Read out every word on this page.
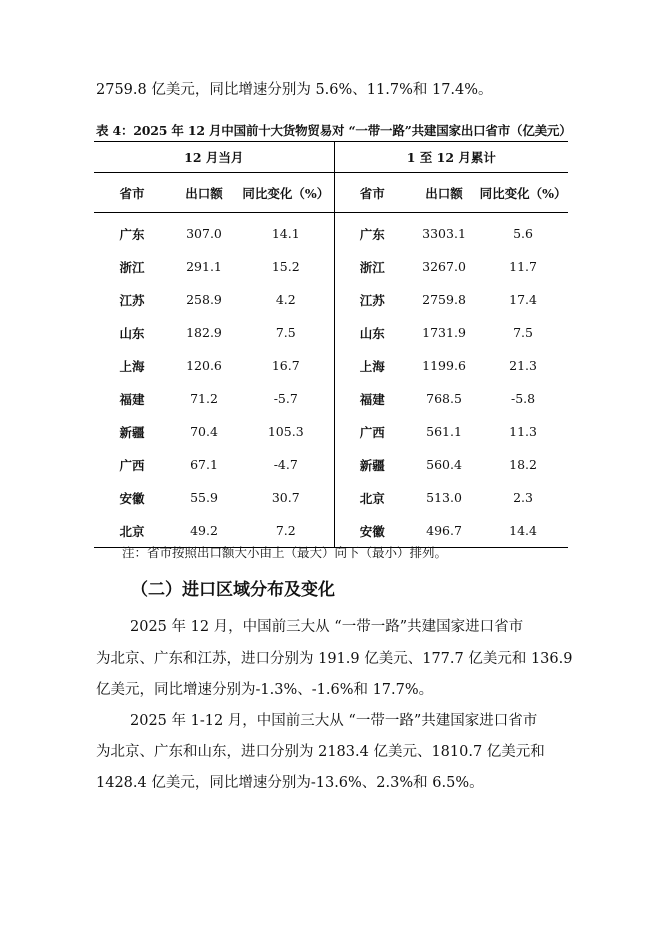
2759.8 亿美元，同比增速分别为 5.6%、11.7%和 17.4%。
表 4：2025 年 12 月中国前十大货物贸易对 “一带一路”共建国家出口省市（亿美元）
12 月当月			1 至 12 月累计		
省市	出口额	同比变化（%）	省市	出口额	同比变化（%）
广东	307.0	14.1	广东	3303.1	5.6
浙江	291.1	15.2	浙江	3267.0	11.7
江苏	258.9	4.2	江苏	2759.8	17.4
山东	182.9	7.5	山东	1731.9	7.5
上海	120.6	16.7	上海	1199.6	21.3
福建	71.2	-5.7	福建	768.5	-5.8
新疆	70.4	105.3	广西	561.1	11.3
广西	67.1	-4.7	新疆	560.4	18.2
安徽	55.9	30.7	北京	513.0	2.3
北京	49.2	7.2	安徽	496.7	14.4
注：省市按照出口额大小由上（最大）向下（最小）排列。
（二）进口区域分布及变化
2025 年 12 月，中国前三大从 “一带一路”共建国家进口省市
为北京、广东和江苏，进口分别为 191.9 亿美元、177.7 亿美元和 136.9
亿美元，同比增速分别为-1.3%、-1.6%和 17.7%。
2025 年 1-12 月，中国前三大从 “一带一路”共建国家进口省市
为北京、广东和山东，进口分别为 2183.4 亿美元、1810.7 亿美元和
1428.4 亿美元，同比增速分别为-13.6%、2.3%和 6.5%。
